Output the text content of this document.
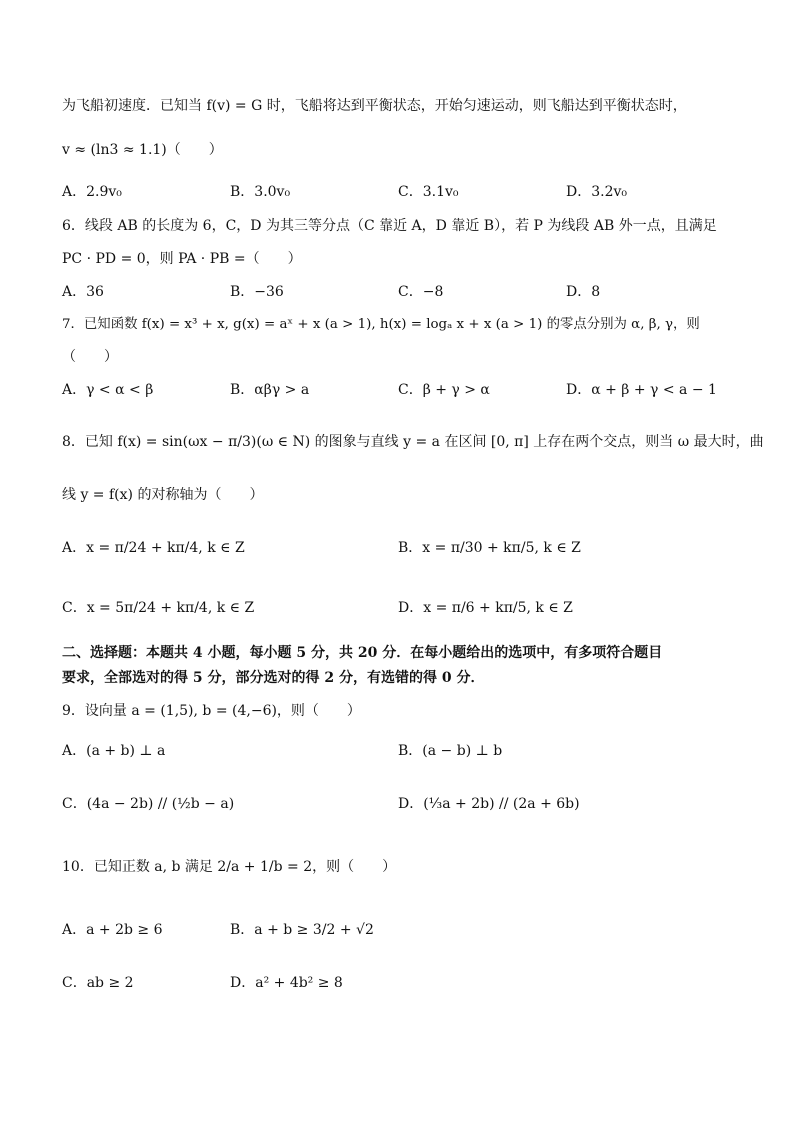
为飞船初速度．已知当 f(v) = G 时，飞船将达到平衡状态，开始匀速运动，则飞船达到平衡状态时，
v ≈ (ln3 ≈ 1.1)（　　）
A．2.9v₀	B．3.0v₀	C．3.1v₀	D．3.2v₀
6．线段 AB 的长度为 6，C，D 为其三等分点（C 靠近 A，D 靠近 B），若 P 为线段 AB 外一点，且满足
PC · PD = 0，则 PA · PB =（　　）
A．36	B．−36	C．−8	D．8
7．已知函数 f(x) = x³ + x, g(x) = aˣ + x (a > 1), h(x) = logₐ x + x (a > 1) 的零点分别为 α, β, γ，则
（　　）
A．γ < α < β	B．αβγ > a	C．β + γ > α	D．α + β + γ < a − 1
8．已知 f(x) = sin(ωx − π/3)(ω ∈ N) 的图象与直线 y = a 在区间 [0, π] 上存在两个交点，则当 ω 最大时，曲
线 y = f(x) 的对称轴为（　　）
A．x = π/24 + kπ/4, k ∈ Z	B．x = π/30 + kπ/5, k ∈ Z
C．x = 5π/24 + kπ/4, k ∈ Z	D．x = π/6 + kπ/5, k ∈ Z
二、选择题：本题共 4 小题，每小题 5 分，共 20 分．在每小题给出的选项中，有多项符合题目
要求，全部选对的得 5 分，部分选对的得 2 分，有选错的得 0 分．
9．设向量 a = (1,5), b = (4,−6)，则（　　）
A．(a + b) ⊥ a	B．(a − b) ⊥ b
C．(4a − 2b) // (½b − a)	D．(⅓a + 2b) // (2a + 6b)
10．已知正数 a, b 满足 2/a + 1/b = 2，则（　　）
A．a + 2b ≥ 6	B．a + b ≥ 3/2 + √2
C．ab ≥ 2	D．a² + 4b² ≥ 8
